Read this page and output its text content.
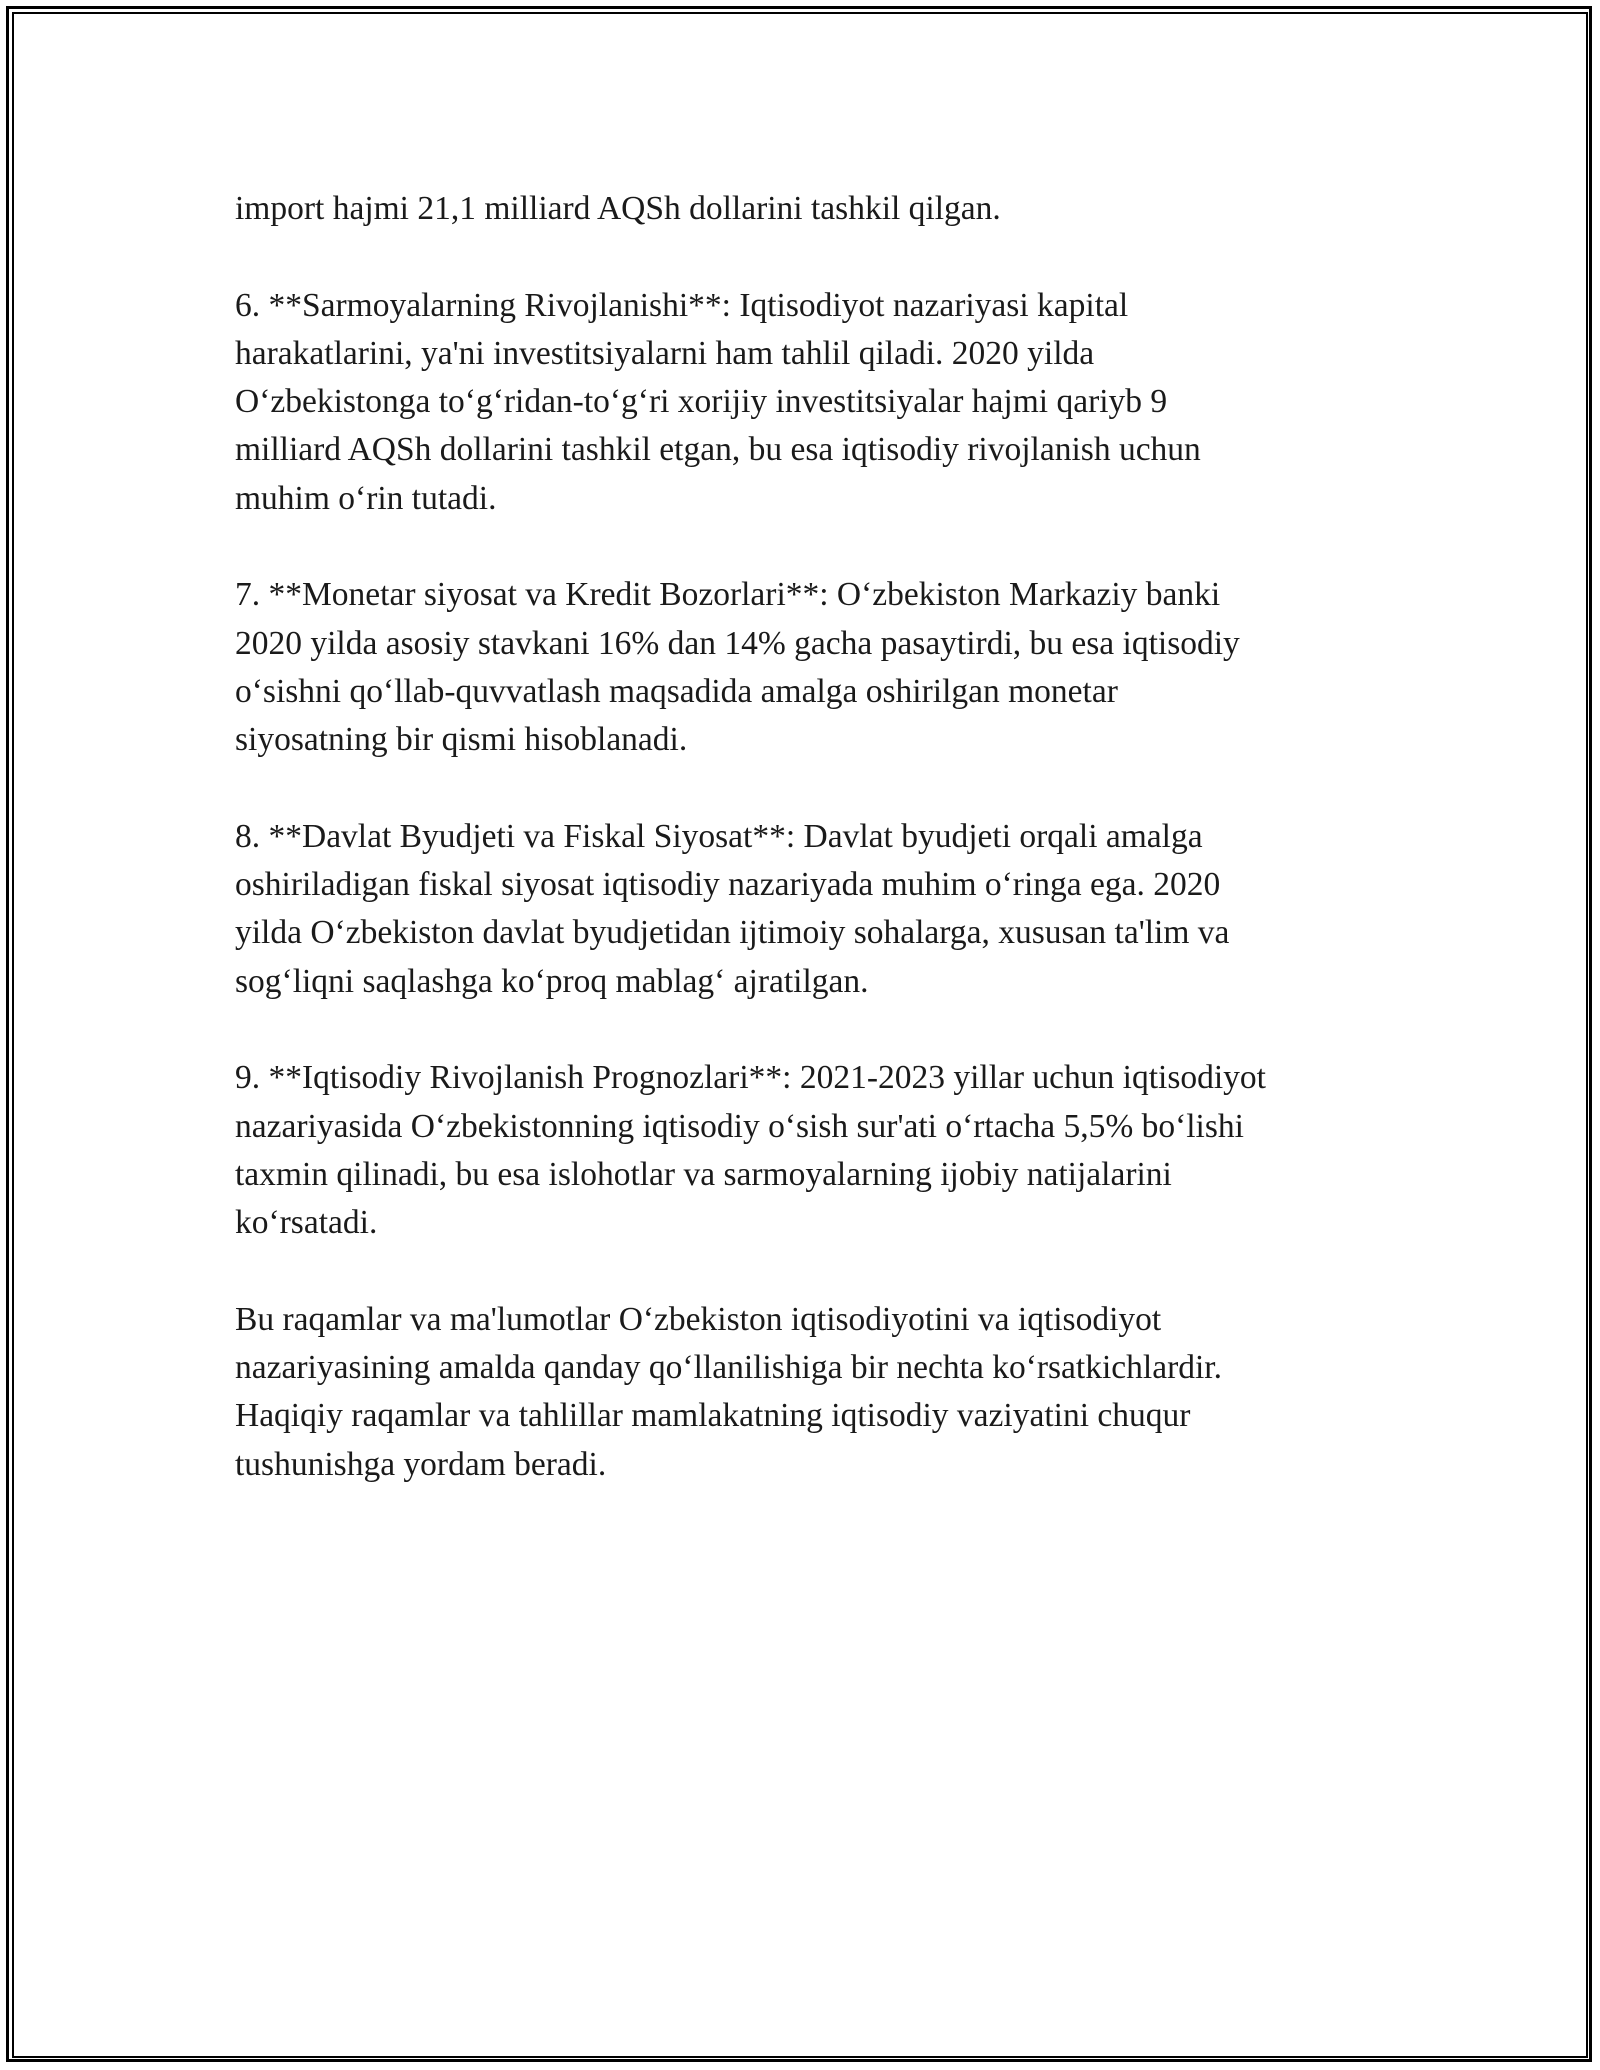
import hajmi 21,1 milliard AQSh dollarini tashkil qilgan.

6. **Sarmoyalarning Rivojlanishi**: Iqtisodiyot nazariyasi kapital
harakatlarini, ya'ni investitsiyalarni ham tahlil qiladi. 2020 yilda
O‘zbekistonga to‘g‘ridan-to‘g‘ri xorijiy investitsiyalar hajmi qariyb 9
milliard AQSh dollarini tashkil etgan, bu esa iqtisodiy rivojlanish uchun
muhim o‘rin tutadi.

7. **Monetar siyosat va Kredit Bozorlari**: O‘zbekiston Markaziy banki
2020 yilda asosiy stavkani 16% dan 14% gacha pasaytirdi, bu esa iqtisodiy
o‘sishni qo‘llab-quvvatlash maqsadida amalga oshirilgan monetar
siyosatning bir qismi hisoblanadi.

8. **Davlat Byudjeti va Fiskal Siyosat**: Davlat byudjeti orqali amalga
oshiriladigan fiskal siyosat iqtisodiy nazariyada muhim o‘ringa ega. 2020
yilda O‘zbekiston davlat byudjetidan ijtimoiy sohalarga, xususan ta'lim va
sog‘liqni saqlashga ko‘proq mablag‘ ajratilgan.

9. **Iqtisodiy Rivojlanish Prognozlari**: 2021-2023 yillar uchun iqtisodiyot
nazariyasida O‘zbekistonning iqtisodiy o‘sish sur'ati o‘rtacha 5,5% bo‘lishi
taxmin qilinadi, bu esa islohotlar va sarmoyalarning ijobiy natijalarini
ko‘rsatadi.

Bu raqamlar va ma'lumotlar O‘zbekiston iqtisodiyotini va iqtisodiyot
nazariyasining amalda qanday qo‘llanilishiga bir nechta ko‘rsatkichlardir.
Haqiqiy raqamlar va tahlillar mamlakatning iqtisodiy vaziyatini chuqur
tushunishga yordam beradi.
